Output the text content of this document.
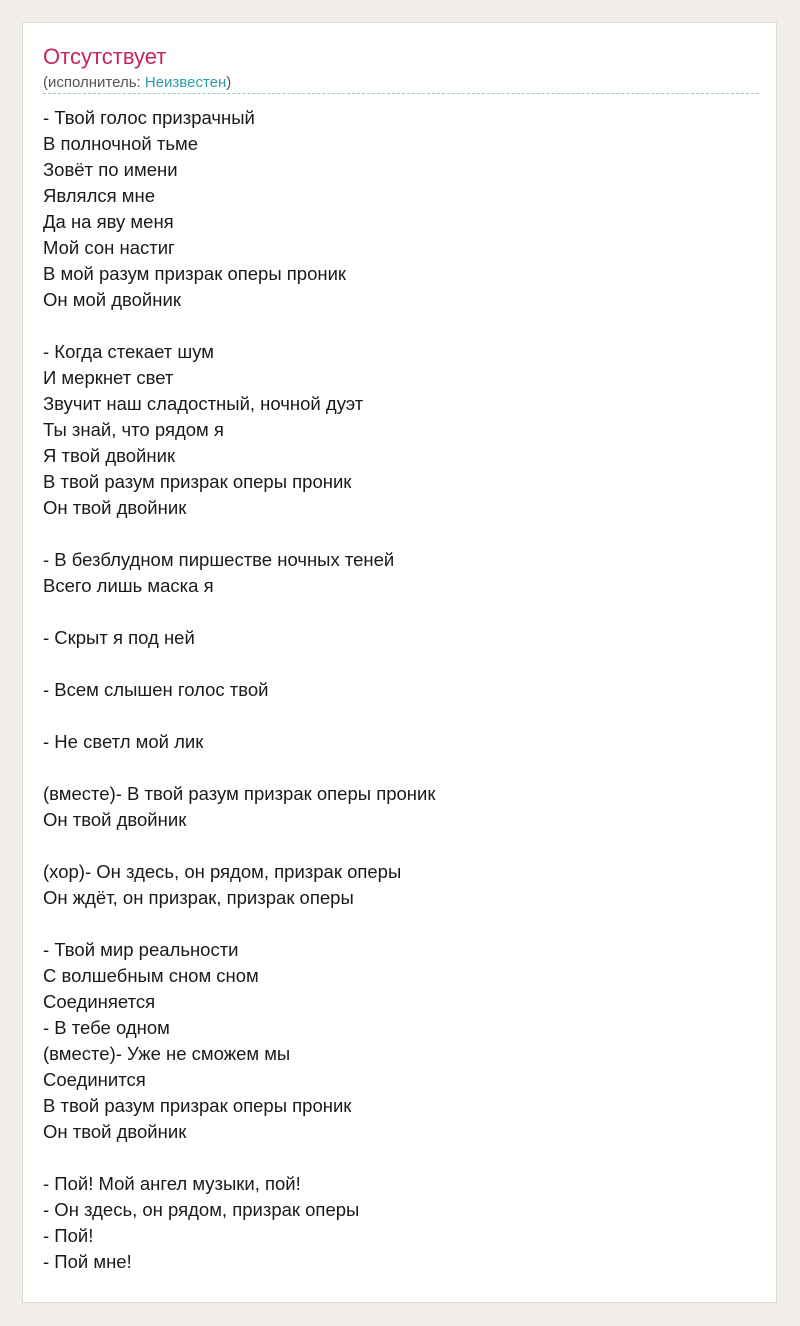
Отсутствует
(исполнитель: Неизвестен)
- Твой голос призрачный
В полночной тьме
Зовёт по имени
Являлся мне
Да на яву меня
Мой сон настиг
В мой разум призрак оперы проник
Он мой двойник
- Когда стекает шум
И меркнет свет
Звучит наш сладостный, ночной дуэт
Ты знай, что рядом я
Я твой двойник
В твой разум призрак оперы проник
Он твой двойник
- В безблудном пиршестве ночных теней
Всего лишь маска я
- Скрыт я под ней
- Всем слышен голос твой
- Не светл мой лик
(вместе)- В твой разум призрак оперы проник
Он твой двойник
(хор)- Он здесь, он рядом, призрак оперы
Он ждёт, он призрак, призрак оперы
- Твой мир реальности
С волшебным сном сном
Соединяется
- В тебе одном
(вместе)- Уже не сможем мы
Соединится
В твой разум призрак оперы проник
Он твой двойник
- Пой! Мой ангел музыки, пой!
- Он здесь, он рядом, призрак оперы
- Пой!
- Пой мне!
